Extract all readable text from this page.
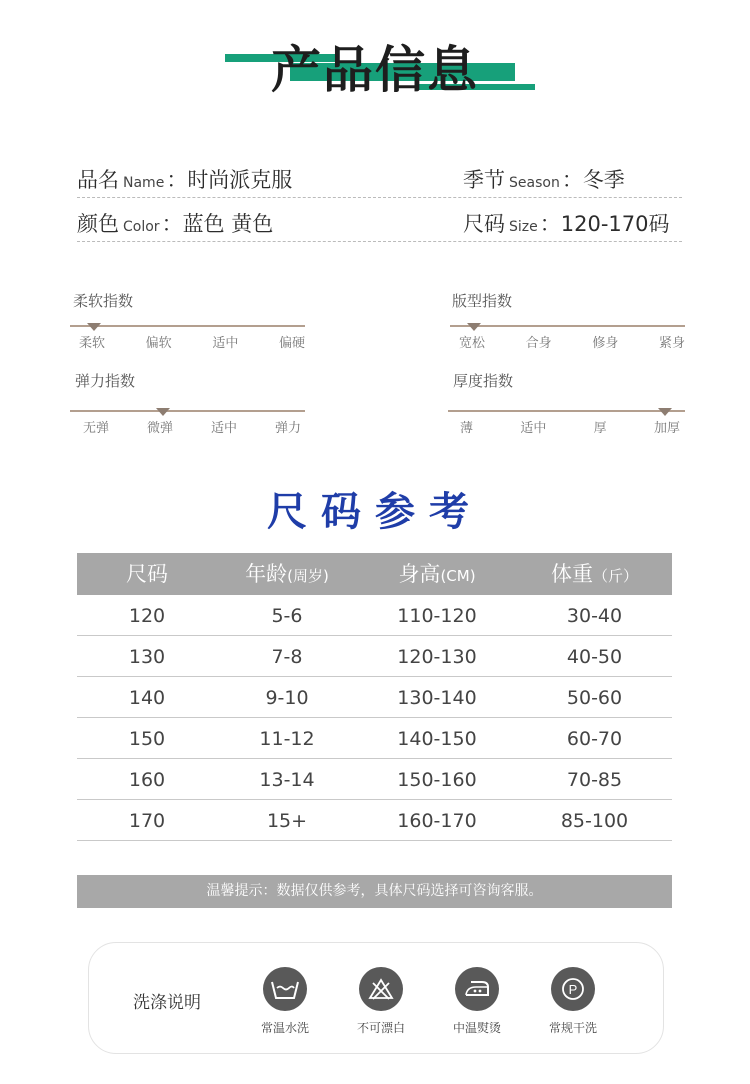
产品信息
品名 Name：时尚派克服	季节 Season：冬季
颜色 Color：蓝色 黄色	尺码 Size：120-170码
柔软指数
柔软	偏软	适中	偏硬
版型指数
宽松	合身	修身	紧身
弹力指数
无弹	微弹	适中	弹力
厚度指数
薄	适中	厚	加厚
尺码参考
尺码	年龄(周岁)	身高(CM)	体重（斤）
120	5-6	110-120	30-40
130	7-8	120-130	40-50
140	9-10	130-140	50-60
150	11-12	140-150	60-70
160	13-14	150-160	70-85
170	15+	160-170	85-100
温馨提示：数据仅供参考，具体尺码选择可咨询客服。
洗涤说明
常温水洗	不可漂白	中温熨烫
P
常规干洗
